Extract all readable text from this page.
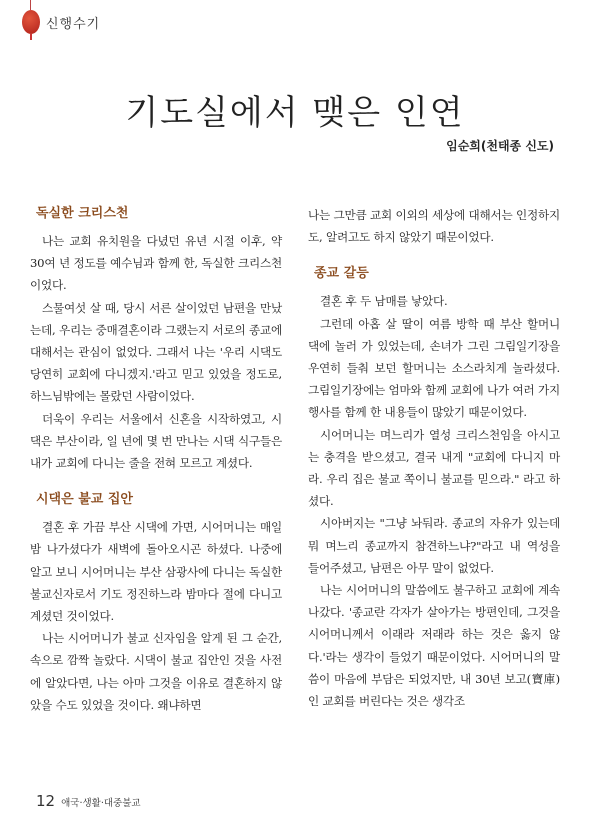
신행수기
기도실에서 맺은 인연
임순희(천태종 신도)
독실한 크리스천

나는 교회 유치원을 다녔던 유년 시절 이후, 약 30여 년 정도를 예수님과 함께 한, 독실한 크리스천이었다.

스물여섯 살 때, 당시 서른 살이었던 남편을 만났는데, 우리는 중매결혼이라 그랬는지 서로의 종교에 대해서는 관심이 없었다. 그래서 나는 '우리 시댁도 당연히 교회에 다니겠지.'라고 믿고 있었을 정도로, 하느님밖에는 몰랐던 사람이었다.

더욱이 우리는 서울에서 신혼을 시작하였고, 시댁은 부산이라, 일 년에 몇 번 만나는 시댁 식구들은 내가 교회에 다니는 줄을 전혀 모르고 계셨다.

시댁은 불교 집안

결혼 후 가끔 부산 시댁에 가면, 시어머니는 매일 밤 나가셨다가 새벽에 돌아오시곤 하셨다. 나중에 알고 보니 시어머니는 부산 삼광사에 다니는 독실한 불교신자로서 기도 정진하느라 밤마다 절에 다니고 계셨던 것이었다.

나는 시어머니가 불교 신자임을 알게 된 그 순간, 속으로 깜짝 놀랐다. 시댁이 불교 집안인 것을 사전에 알았다면, 나는 아마 그것을 이유로 결혼하지 않았을 수도 있었을 것이다. 왜냐하면

나는 그만큼 교회 이외의 세상에 대해서는 인정하지도, 알려고도 하지 않았기 때문이었다.

종교 갈등

결혼 후 두 남매를 낳았다.

그런데 아홉 살 딸이 여름 방학 때 부산 할머니 댁에 놀러 가 있었는데, 손녀가 그린 그림일기장을 우연히 들춰 보던 할머니는 소스라치게 놀라셨다. 그림일기장에는 엄마와 함께 교회에 나가 여러 가지 행사를 함께 한 내용들이 많았기 때문이었다.

시어머니는 며느리가 열성 크리스천임을 아시고는 충격을 받으셨고, 결국 내게 "교회에 다니지 마라. 우리 집은 불교 쪽이니 불교를 믿으라." 라고 하셨다.

시아버지는 "그냥 놔둬라. 종교의 자유가 있는데 뭐 며느리 종교까지 참견하느냐?"라고 내 역성을 들어주셨고, 남편은 아무 말이 없었다.

나는 시어머니의 말씀에도 불구하고 교회에 계속 나갔다. '종교란 각자가 살아가는 방편인데, 그것을 시어머니께서 이래라 저래라 하는 것은 옳지 않다.'라는 생각이 들었기 때문이었다. 시어머니의 말씀이 마음에 부담은 되었지만, 내 30년 보고(寶庫)인 교회를 버린다는 것은 생각조

12 애국·생활·대중불교
